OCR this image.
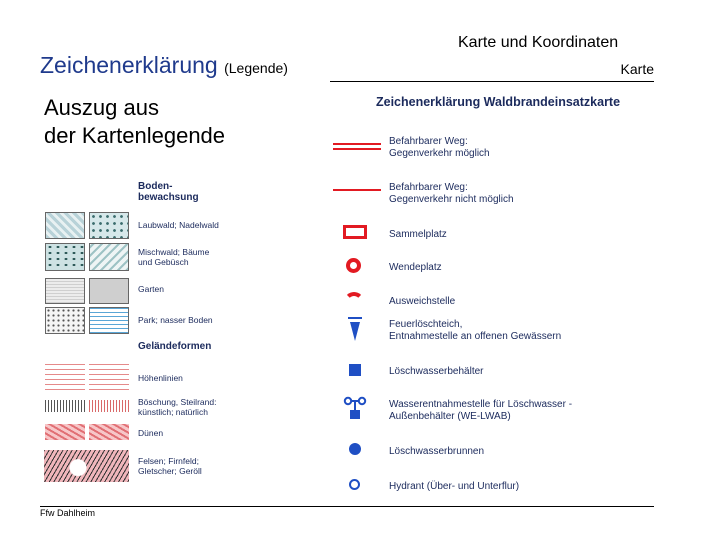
Zeichenerklärung (Legende)
Karte und Koordinaten
Karte
Auszug aus
der Kartenlegende
Boden-
bewachsung
Laubwald; Nadelwald
Mischwald; Bäume
und Gebüsch
Garten
Park; nasser Boden
Geländeformen
Höhenlinien
Böschung, Steilrand:
künstlich; natürlich
Dünen
Felsen; Firnfeld;
Gletscher; Geröll
Zeichenerklärung Waldbrandeinsatzkarte
Befahrbarer Weg:
Gegenverkehr möglich
Befahrbarer Weg:
Gegenverkehr nicht möglich
Sammelplatz
Wendeplatz
Ausweichstelle
Feuerlöschteich,
Entnahmestelle an offenen Gewässern
Löschwasserbehälter
Wasserentnahmestelle für Löschwasser -
Außenbehälter (WE-LWAB)
Löschwasserbrunnen
Hydrant (Über- und Unterflur)
Ffw Dahlheim
